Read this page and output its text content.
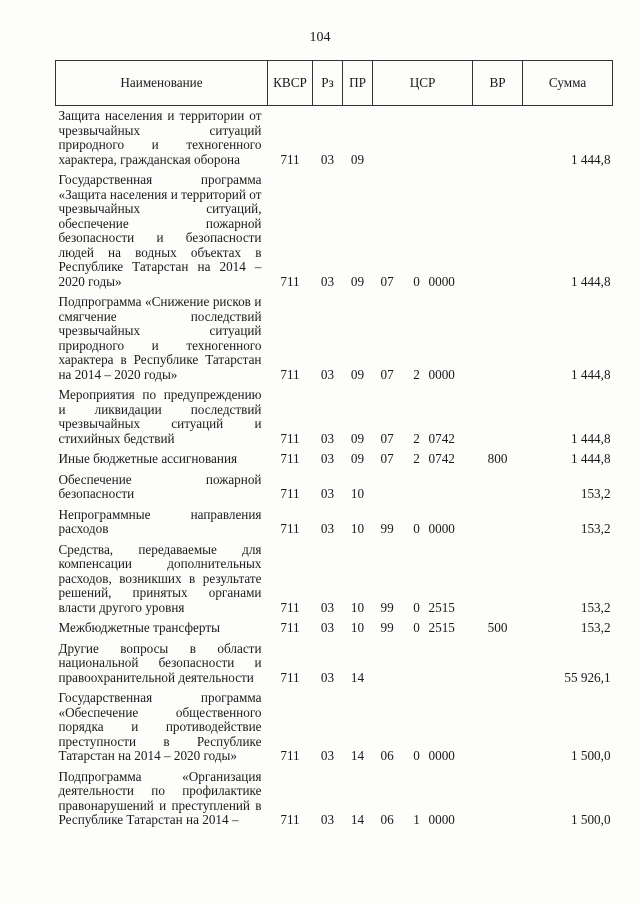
104
Наименование	КВСР	Рз	ПР	ЦСР			ВР	Сумма
Защита населения и территории от чрезвычайных ситуаций природного и техногенного характера, гражданская оборона	711	03	09					1 444,8
Государственная программа «Защита населения и территорий от чрезвычайных ситуаций, обеспечение пожарной безопасности и безопасности людей на водных объектах в Республике Татарстан на 2014 – 2020 годы»	711	03	09	07	0	0000		1 444,8
Подпрограмма «Снижение рисков и смягчение последствий чрезвычайных ситуаций природного и техногенного характера в Республике Татарстан на 2014 – 2020 годы»	711	03	09	07	2	0000		1 444,8
Мероприятия по предупреждению и ликвидации последствий чрезвычайных ситуаций и стихийных бедствий	711	03	09	07	2	0742		1 444,8
Иные бюджетные ассигнования	711	03	09	07	2	0742	800	1 444,8
Обеспечение пожарной безопасности	711	03	10					153,2
Непрограммные направления расходов	711	03	10	99	0	0000		153,2
Средства, передаваемые для компенсации дополнительных расходов, возникших в результате решений, принятых органами власти другого уровня	711	03	10	99	0	2515		153,2
Межбюджетные трансферты	711	03	10	99	0	2515	500	153,2
Другие вопросы в области национальной безопасности и правоохранительной деятельности	711	03	14					55 926,1
Государственная программа «Обеспечение общественного порядка и противодействие преступности в Республике Татарстан на 2014 – 2020 годы»	711	03	14	06	0	0000		1 500,0
Подпрограмма «Организация деятельности по профилактике правонарушений и преступлений в Республике Татарстан на 2014 –	711	03	14	06	1	0000		1 500,0
